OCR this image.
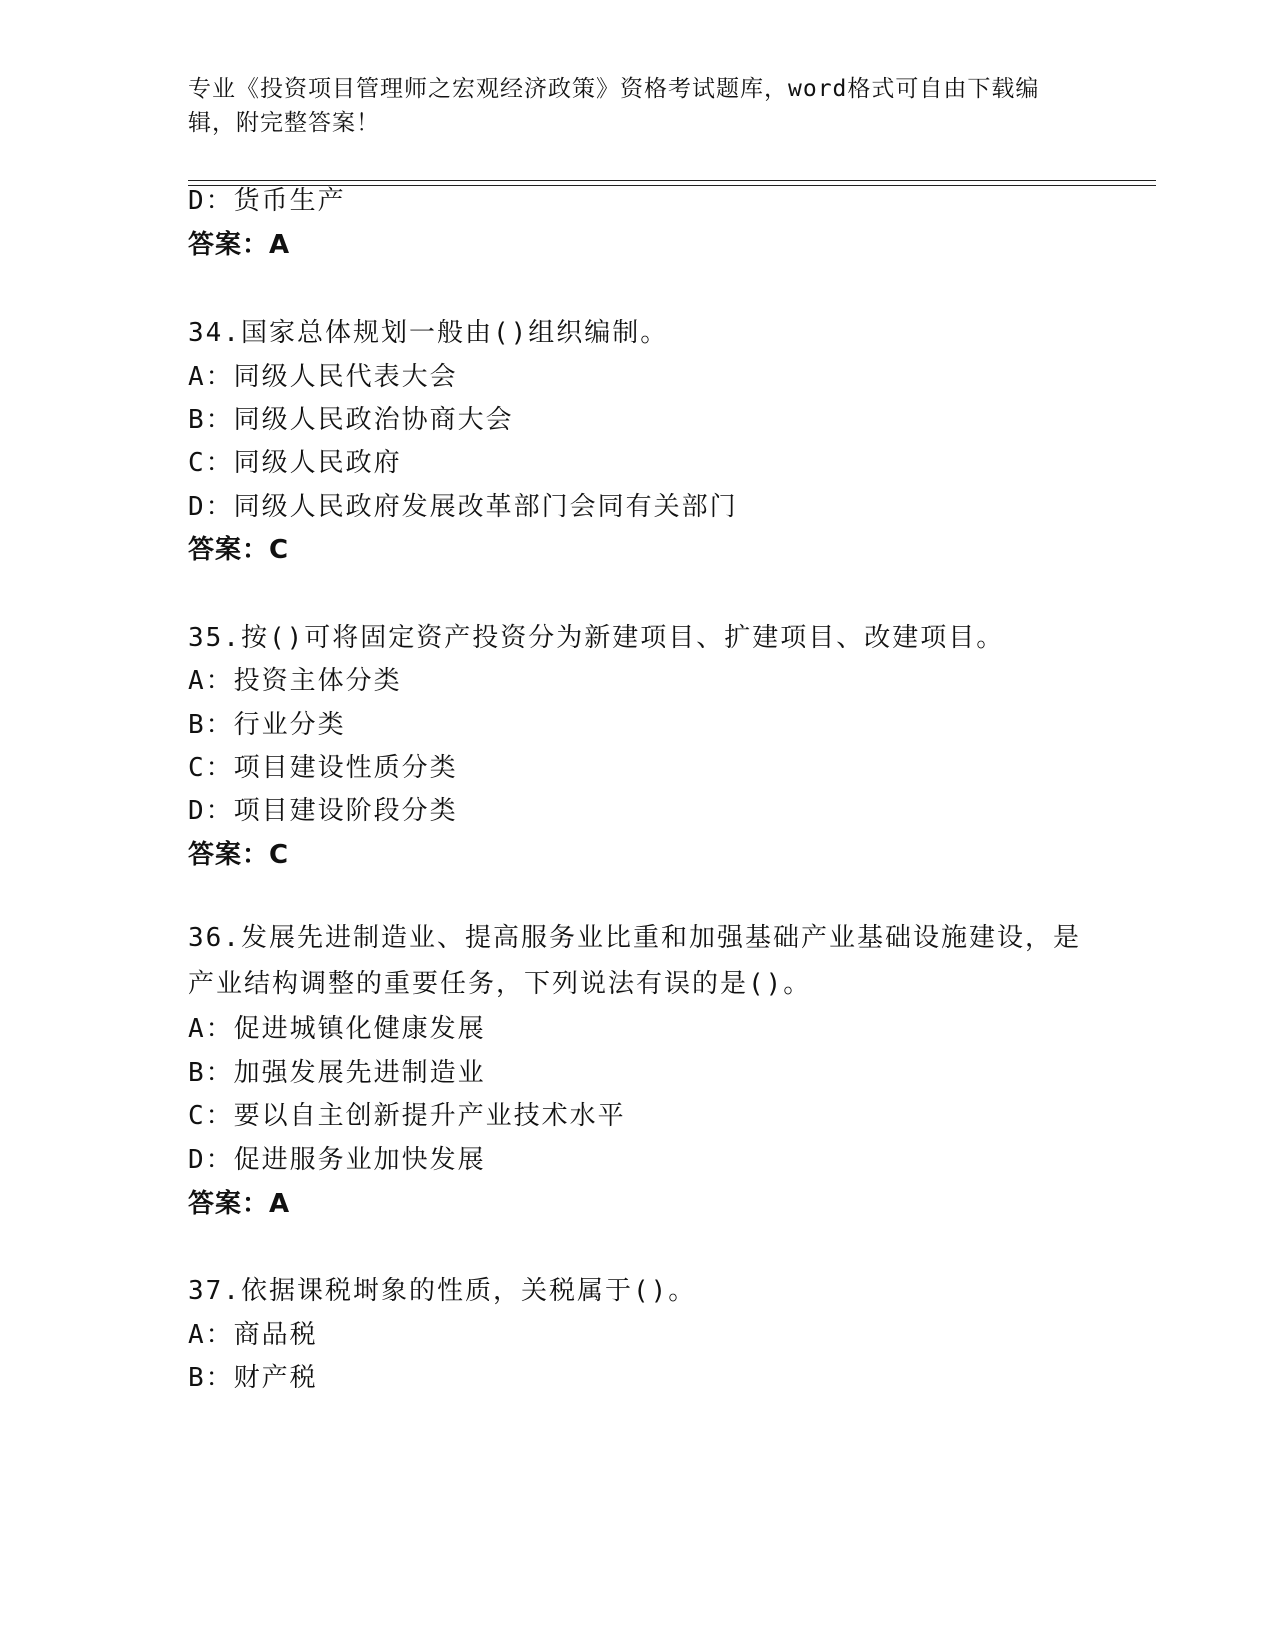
专业《投资项目管理师之宏观经济政策》资格考试题库，word格式可自由下载编辑，附完整答案！
D：货币生产
答案：A
34.国家总体规划一般由()组织编制。
A：同级人民代表大会
B：同级人民政治协商大会
C：同级人民政府
D：同级人民政府发展改革部门会同有关部门
答案：C
35.按()可将固定资产投资分为新建项目、扩建项目、改建项目。
A：投资主体分类
B：行业分类
C：项目建设性质分类
D：项目建设阶段分类
答案：C
36.发展先进制造业、提高服务业比重和加强基础产业基础设施建设，是产业结构调整的重要任务，下列说法有误的是()。
A：促进城镇化健康发展
B：加强发展先进制造业
C：要以自主创新提升产业技术水平
D：促进服务业加快发展
答案：A
37.依据课税埘象的性质，关税属于()。
A：商品税
B：财产税
